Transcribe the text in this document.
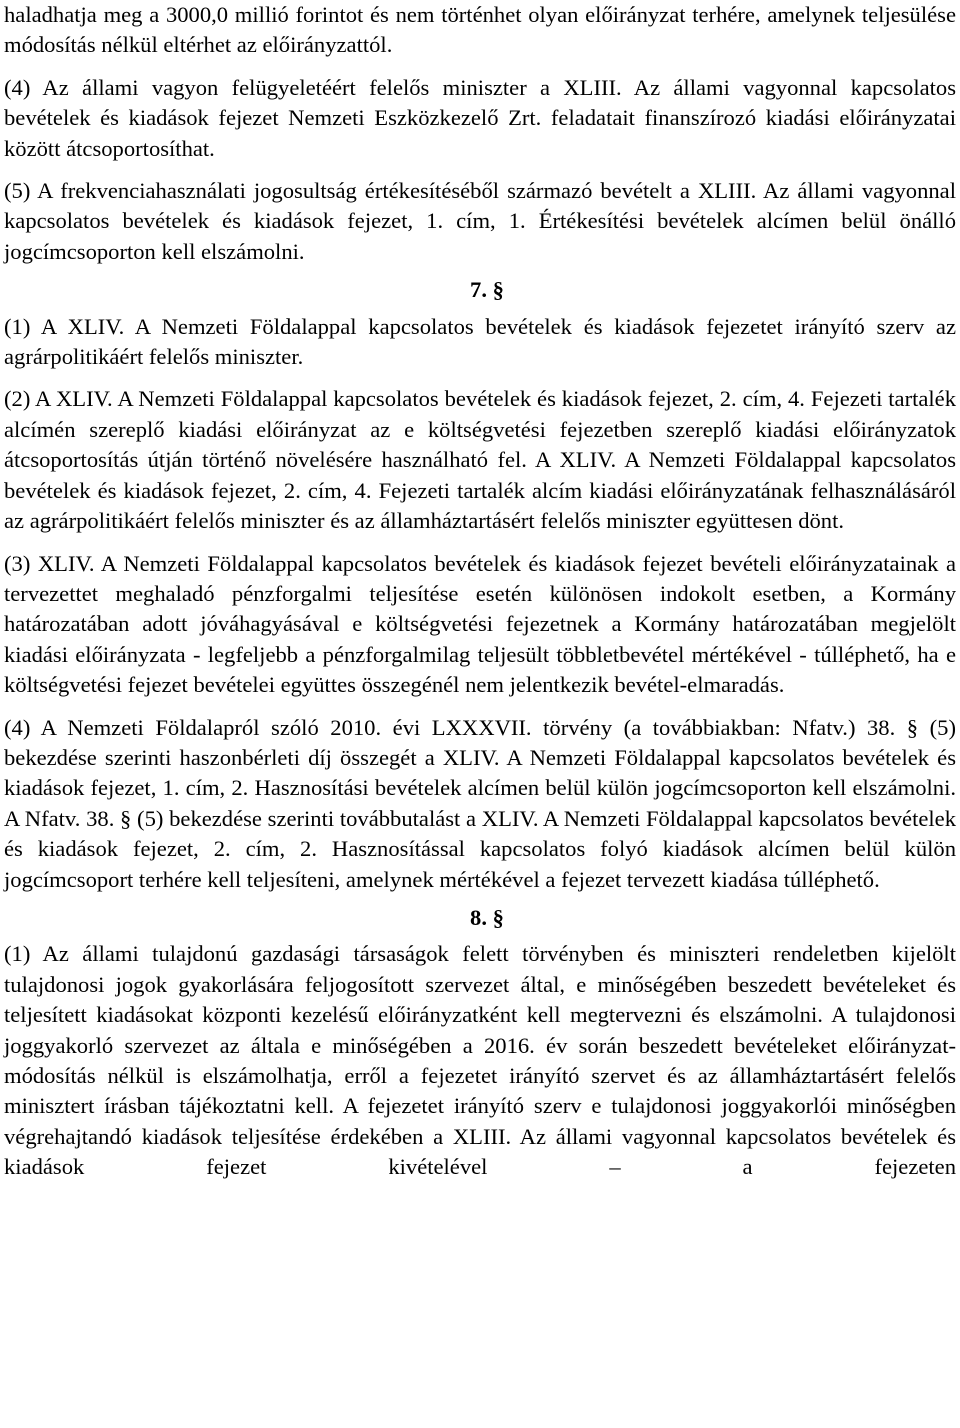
haladhatja meg a 3000,0 millió forintot és nem történhet olyan előirányzat terhére, amelynek teljesülése módosítás nélkül eltérhet az előirányzattól.

(4) Az állami vagyon felügyeletéért felelős miniszter a XLIII. Az állami vagyonnal kapcsolatos bevételek és kiadások fejezet Nemzeti Eszközkezelő Zrt. feladatait finanszírozó kiadási előirányzatai között átcsoportosíthat.

(5) A frekvenciahasználati jogosultság értékesítéséből származó bevételt a XLIII. Az állami vagyonnal kapcsolatos bevételek és kiadások fejezet, 1. cím, 1. Értékesítési bevételek alcímen belül önálló jogcímcsoporton kell elszámolni.

7. §

(1) A XLIV. A Nemzeti Földalappal kapcsolatos bevételek és kiadások fejezetet irányító szerv az agrárpolitikáért felelős miniszter.

(2) A XLIV. A Nemzeti Földalappal kapcsolatos bevételek és kiadások fejezet, 2. cím, 4. Fejezeti tartalék alcímén szereplő kiadási előirányzat az e költségvetési fejezetben szereplő kiadási előirányzatok átcsoportosítás útján történő növelésére használható fel. A XLIV. A Nemzeti Földalappal kapcsolatos bevételek és kiadások fejezet, 2. cím, 4. Fejezeti tartalék alcím kiadási előirányzatának felhasználásáról az agrárpolitikáért felelős miniszter és az államháztartásért felelős miniszter együttesen dönt.

(3) XLIV. A Nemzeti Földalappal kapcsolatos bevételek és kiadások fejezet bevételi előirányzatainak a tervezettet meghaladó pénzforgalmi teljesítése esetén különösen indokolt esetben, a Kormány határozatában adott jóváhagyásával e költségvetési fejezetnek a Kormány határozatában megjelölt kiadási előirányzata - legfeljebb a pénzforgalmilag teljesült többletbevétel mértékével - túlléphető, ha e költségvetési fejezet bevételei együttes összegénél nem jelentkezik bevétel-elmaradás.

(4) A Nemzeti Földalapról szóló 2010. évi LXXXVII. törvény (a továbbiakban: Nfatv.) 38. § (5) bekezdése szerinti haszonbérleti díj összegét a XLIV. A Nemzeti Földalappal kapcsolatos bevételek és kiadások fejezet, 1. cím, 2. Hasznosítási bevételek alcímen belül külön jogcímcsoporton kell elszámolni. A Nfatv. 38. § (5) bekezdése szerinti továbbutalást a XLIV. A Nemzeti Földalappal kapcsolatos bevételek és kiadások fejezet, 2. cím, 2. Hasznosítással kapcsolatos folyó kiadások alcímen belül külön jogcímcsoport terhére kell teljesíteni, amelynek mértékével a fejezet tervezett kiadása túlléphető.

8. §

(1) Az állami tulajdonú gazdasági társaságok felett törvényben és miniszteri rendeletben kijelölt tulajdonosi jogok gyakorlására feljogosított szervezet által, e minőségében beszedett bevételeket és teljesített kiadásokat központi kezelésű előirányzatként kell megtervezni és elszámolni. A tulajdonosi joggyakorló szervezet az általa e minőségében a 2016. év során beszedett bevételeket előirányzat-módosítás nélkül is elszámolhatja, erről a fejezetet irányító szervet és az államháztartásért felelős minisztert írásban tájékoztatni kell. A fejezetet irányító szerv e tulajdonosi joggyakorlói minőségben végrehajtandó kiadások teljesítése érdekében a XLIII. Az állami vagyonnal kapcsolatos bevételek és kiadások fejezet kivételével – a fejezeten
